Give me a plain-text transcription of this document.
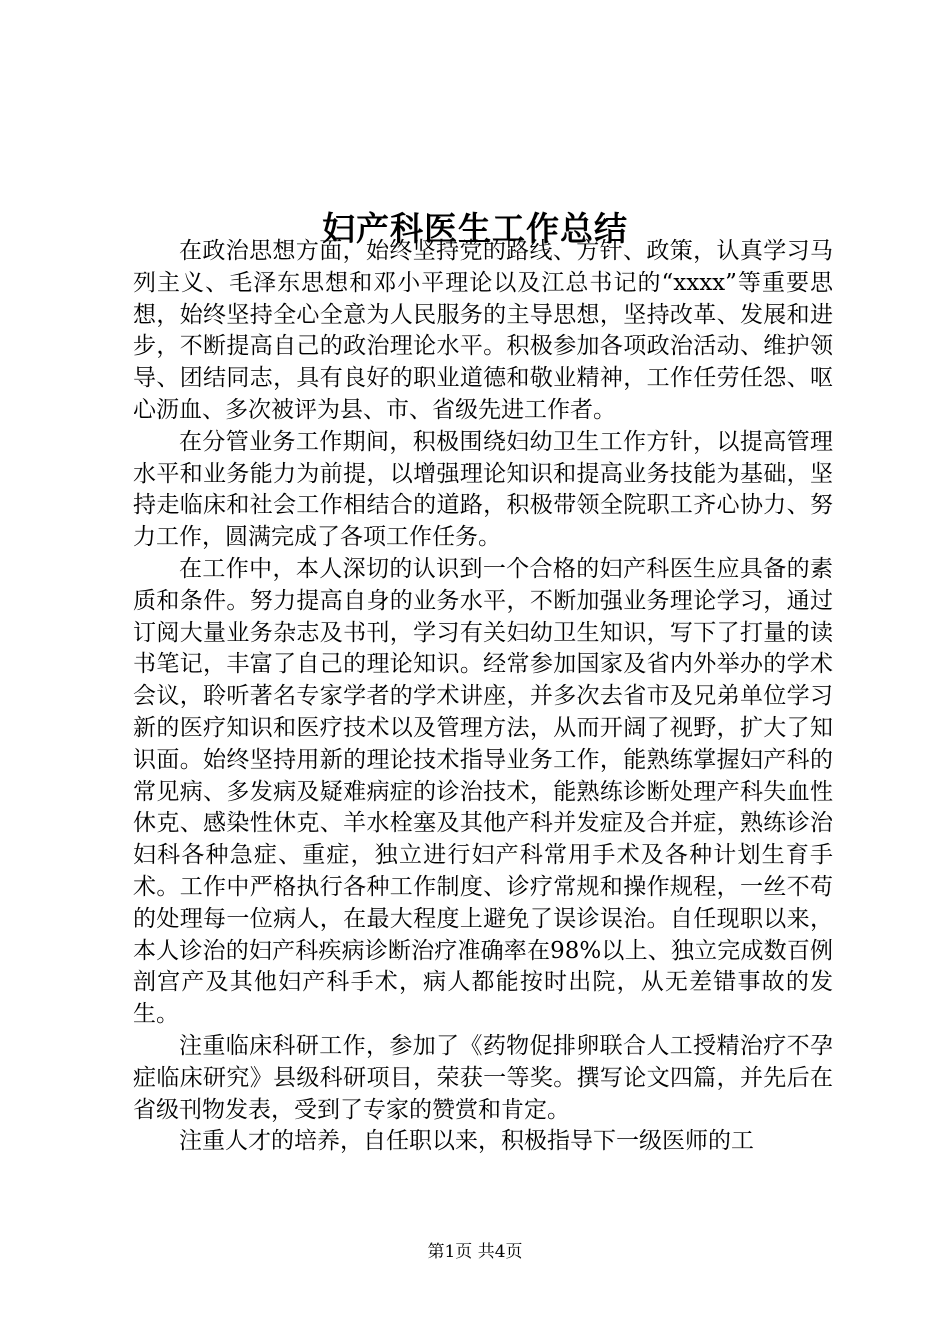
妇产科医生工作总结

在政治思想方面，始终坚持党的路线、方针、政策，认真学习马列主义、毛泽东思想和邓小平理论以及江总书记的“xxxx”等重要思想，始终坚持全心全意为人民服务的主导思想，坚持改革、发展和进步，不断提高自己的政治理论水平。积极参加各项政治活动、维护领导、团结同志，具有良好的职业道德和敬业精神，工作任劳任怨、呕心沥血、多次被评为县、市、省级先进工作者。

在分管业务工作期间，积极围绕妇幼卫生工作方针，以提高管理水平和业务能力为前提，以增强理论知识和提高业务技能为基础，坚持走临床和社会工作相结合的道路，积极带领全院职工齐心协力、努力工作，圆满完成了各项工作任务。

在工作中，本人深切的认识到一个合格的妇产科医生应具备的素质和条件。努力提高自身的业务水平，不断加强业务理论学习，通过订阅大量业务杂志及书刊，学习有关妇幼卫生知识，写下了打量的读书笔记，丰富了自己的理论知识。经常参加国家及省内外举办的学术会议，聆听著名专家学者的学术讲座，并多次去省市及兄弟单位学习新的医疗知识和医疗技术以及管理方法，从而开阔了视野，扩大了知识面。始终坚持用新的理论技术指导业务工作，能熟练掌握妇产科的常见病、多发病及疑难病症的诊治技术，能熟练诊断处理产科失血性休克、感染性休克、羊水栓塞及其他产科并发症及合并症，熟练诊治妇科各种急症、重症，独立进行妇产科常用手术及各种计划生育手术。工作中严格执行各种工作制度、诊疗常规和操作规程，一丝不苟的处理每一位病人，在最大程度上避免了误诊误治。自任现职以来，本人诊治的妇产科疾病诊断治疗准确率在98%以上、独立完成数百例剖宫产及其他妇产科手术，病人都能按时出院，从无差错事故的发生。

注重临床科研工作，参加了《药物促排卵联合人工授精治疗不孕症临床研究》县级科研项目，荣获一等奖。撰写论文四篇，并先后在省级刊物发表，受到了专家的赞赏和肯定。

注重人才的培养，自任职以来，积极指导下一级医师的工

第1页 共4页
